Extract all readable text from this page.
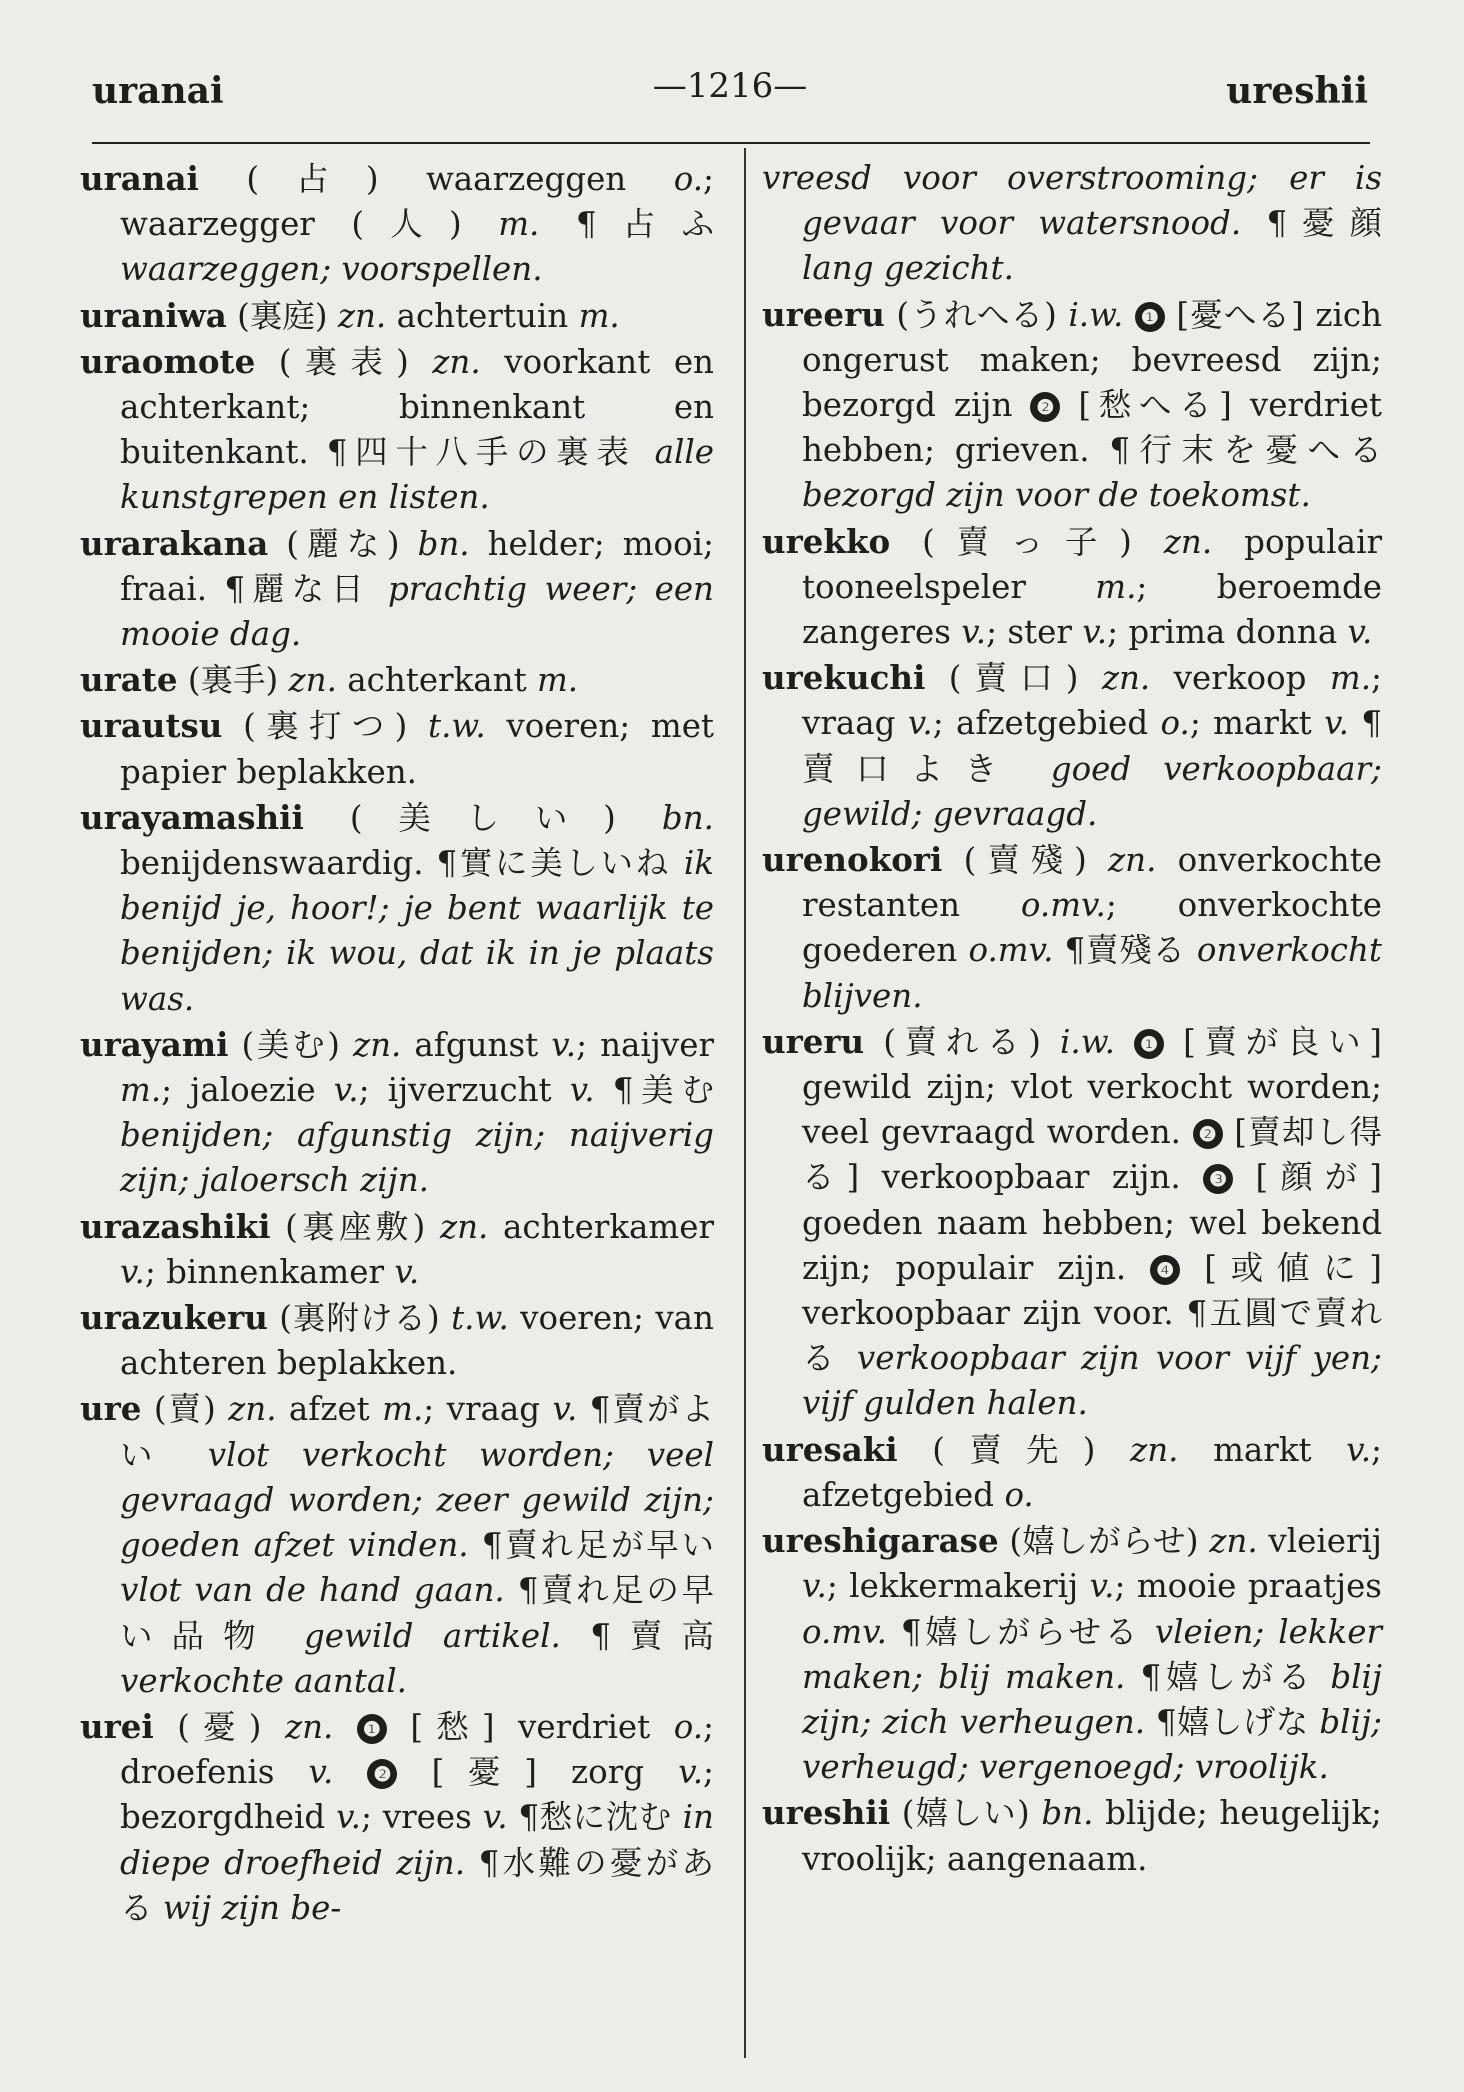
uranai	—1216—	ureshii

uranai (占) waarzeggen o.; waarzegger (人) m. ¶占ふ waarzeggen; voorspellen.

uraniwa (裏庭) zn. achtertuin m.

uraomote (裏表) zn. voorkant en achterkant; binnenkant en buitenkant. ¶四十八手の裏表 alle kunstgrepen en listen.

urarakana (麗な) bn. helder; mooi; fraai. ¶麗な日 prachtig weer; een mooie dag.

urate (裏手) zn. achterkant m.

urautsu (裏打つ) t.w. voeren; met papier beplakken.

urayamashii (美しい) bn. benijdenswaardig. ¶實に美しいね ik benijd je, hoor!; je bent waarlijk te benijden; ik wou, dat ik in je plaats was.

urayami (美む) zn. afgunst v.; naijver m.; jaloezie v.; ijverzucht v. ¶美む benijden; afgunstig zijn; naijverig zijn; jaloersch zijn.

urazashiki (裏座敷) zn. achterkamer v.; binnenkamer v.

urazukeru (裏附ける) t.w. voeren; van achteren beplakken.

ure (賣) zn. afzet m.; vraag v. ¶賣がよい vlot verkocht worden; veel gevraagd worden; zeer gewild zijn; goeden afzet vinden. ¶賣れ足が早い vlot van de hand gaan. ¶賣れ足の早い品物 gewild artikel. ¶賣高 verkochte aantal.

urei (憂) zn. ❶ [愁] verdriet o.; droefenis v. ❷ [憂] zorg v.; bezorgdheid v.; vrees v. ¶愁に沈む in diepe droefheid zijn. ¶水難の憂がある wij zijn be-

vreesd voor overstrooming; er is gevaar voor watersnood. ¶憂顔 lang gezicht.

ureeru (うれへる) i.w. ❶ [憂へる] zich ongerust maken; bevreesd zijn; bezorgd zijn ❷ [愁へる] verdriet hebben; grieven. ¶行末を憂へる bezorgd zijn voor de toekomst.

urekko (賣っ子) zn. populair tooneelspeler m.; beroemde zangeres v.; ster v.; prima donna v.

urekuchi (賣口) zn. verkoop m.; vraag v.; afzetgebied o.; markt v. ¶賣口よき goed verkoopbaar; gewild; gevraagd.

urenokori (賣殘) zn. onverkochte restanten o.mv.; onverkochte goederen o.mv. ¶賣殘る onverkocht blijven.

ureru (賣れる) i.w. ❶ [賣が良い] gewild zijn; vlot verkocht worden; veel gevraagd worden. ❷ [賣却し得る] verkoopbaar zijn. ❸ [顔が] goeden naam hebben; wel bekend zijn; populair zijn. ❹ [或値に] verkoopbaar zijn voor. ¶五圓で賣れる verkoopbaar zijn voor vijf yen; vijf gulden halen.

uresaki (賣先) zn. markt v.; afzetgebied o.

ureshigarase (嬉しがらせ) zn. vleierij v.; lekkermakerij v.; mooie praatjes o.mv. ¶嬉しがらせる vleien; lekker maken; blij maken. ¶嬉しがる blij zijn; zich verheugen. ¶嬉しげな blij; verheugd; vergenoegd; vroolijk.

ureshii (嬉しい) bn. blijde; heugelijk; vroolijk; aangenaam.
